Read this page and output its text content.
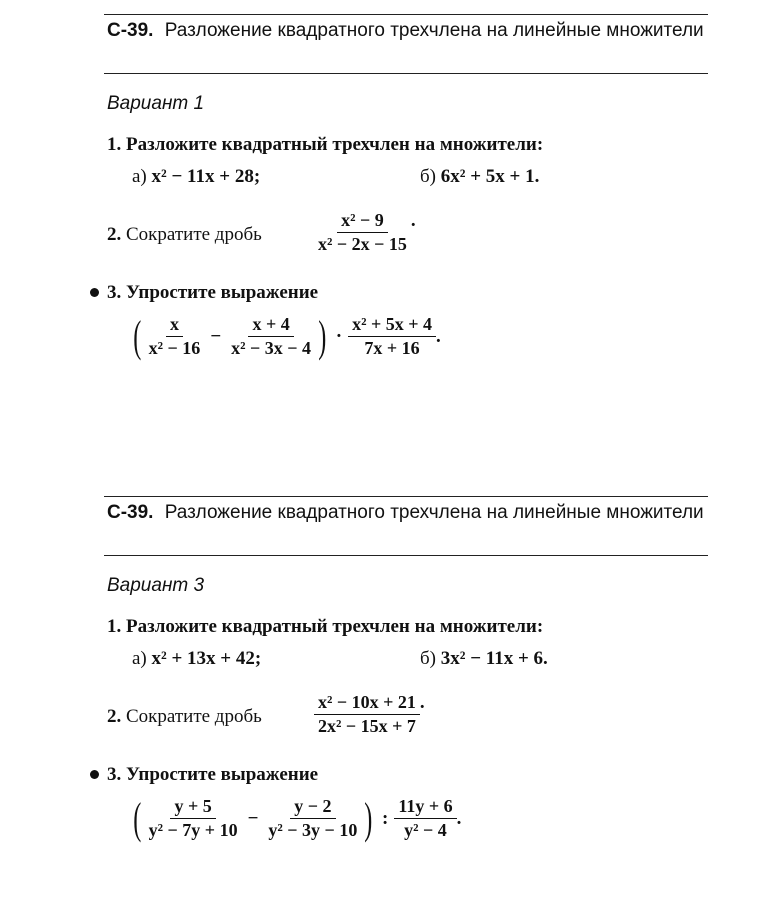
С-39. Разложение квадратного трехчлена на линейные множители
Вариант 1
1. Разложите квадратный трехчлен на множители:
а) x² − 11x + 28;	б) 6x² + 5x + 1.
2. Сократите дробь	$\frac{\text{x² − 9}}{\text{x² − 2x − 15}}$ .
3. Упростите выражение
( $\frac{x}{\text{x² − 16}} - \frac{x + 4}{\text{x² − 3x − 4}}$ ) · $\frac{\text{x² + 5x + 4}}{7x + 16}$ .
С-39. Разложение квадратного трехчлена на линейные множители
Вариант 3
1. Разложите квадратный трехчлен на множители:
а) x² + 13x + 42;	б) 3x² − 11x + 6.
2. Сократите дробь	$\frac{\text{x² − 10x + 21}}{\text{2x² − 15x + 7}}$ .
3. Упростите выражение
( $\frac{y + 5}{\text{y² − 7y + 10}} - \frac{y - 2}{\text{y² − 3y − 10}}$ ) : $\frac{11y + 6}{\text{y² − 4}}$ .
